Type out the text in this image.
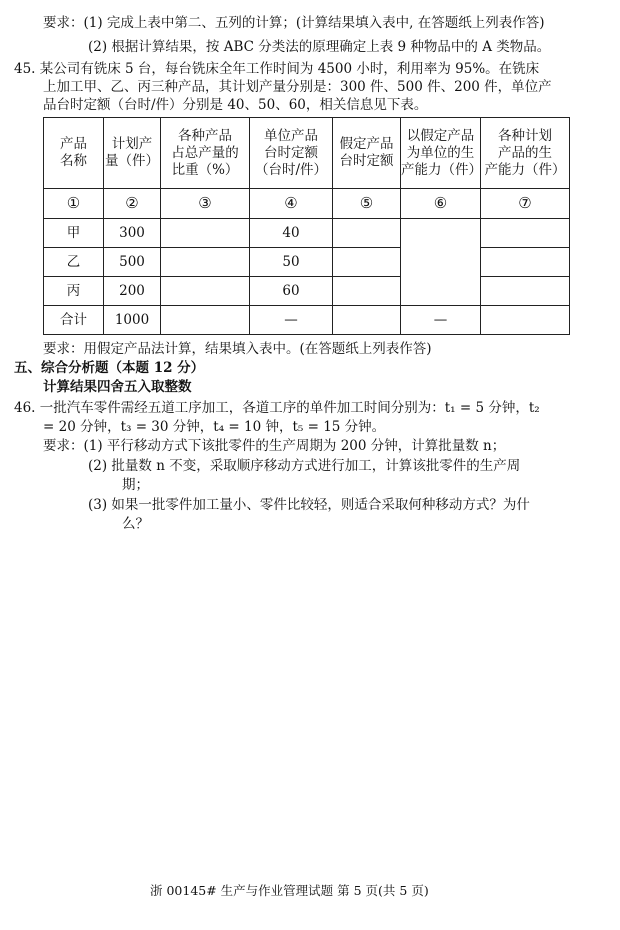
要求：(1) 完成上表中第二、五列的计算；(计算结果填入表中, 在答题纸上列表作答)
(2) 根据计算结果，按 ABC 分类法的原理确定上表 9 种物品中的 A 类物品。
45. 某公司有铣床 5 台，每台铣床全年工作时间为 4500 小时，利用率为 95%。在铣床
上加工甲、乙、丙三种产品，其计划产量分别是：300 件、500 件、200 件，单位产
品台时定额（台时/件）分别是 40、50、60，相关信息见下表。
产品
名称	计划产
量（件）	各种产品
占总产量的
比重（%）	单位产品
台时定额
（台时/件）	假定产品
台时定额	以假定产品
为单位的生
产能力（件）	各种计划
产品的生
产能力（件）
①	②	③	④	⑤	⑥	⑦
甲	300		40			
乙	500		50			
丙	200		60			
合计	1000		—		—	
要求：用假定产品法计算，结果填入表中。(在答题纸上列表作答)
五、综合分析题（本题 12 分）
计算结果四舍五入取整数
46. 一批汽车零件需经五道工序加工，各道工序的单件加工时间分别为：t₁ = 5 分钟，t₂
= 20 分钟，t₃ = 30 分钟，t₄ = 10 钟，t₅ = 15 分钟。
要求：(1) 平行移动方式下该批零件的生产周期为 200 分钟，计算批量数 n；
(2) 批量数 n 不变，采取顺序移动方式进行加工，计算该批零件的生产周
期；
(3) 如果一批零件加工量小、零件比较轻，则适合采取何种移动方式？为什
么？
浙 00145# 生产与作业管理试题 第 5 页(共 5 页)
